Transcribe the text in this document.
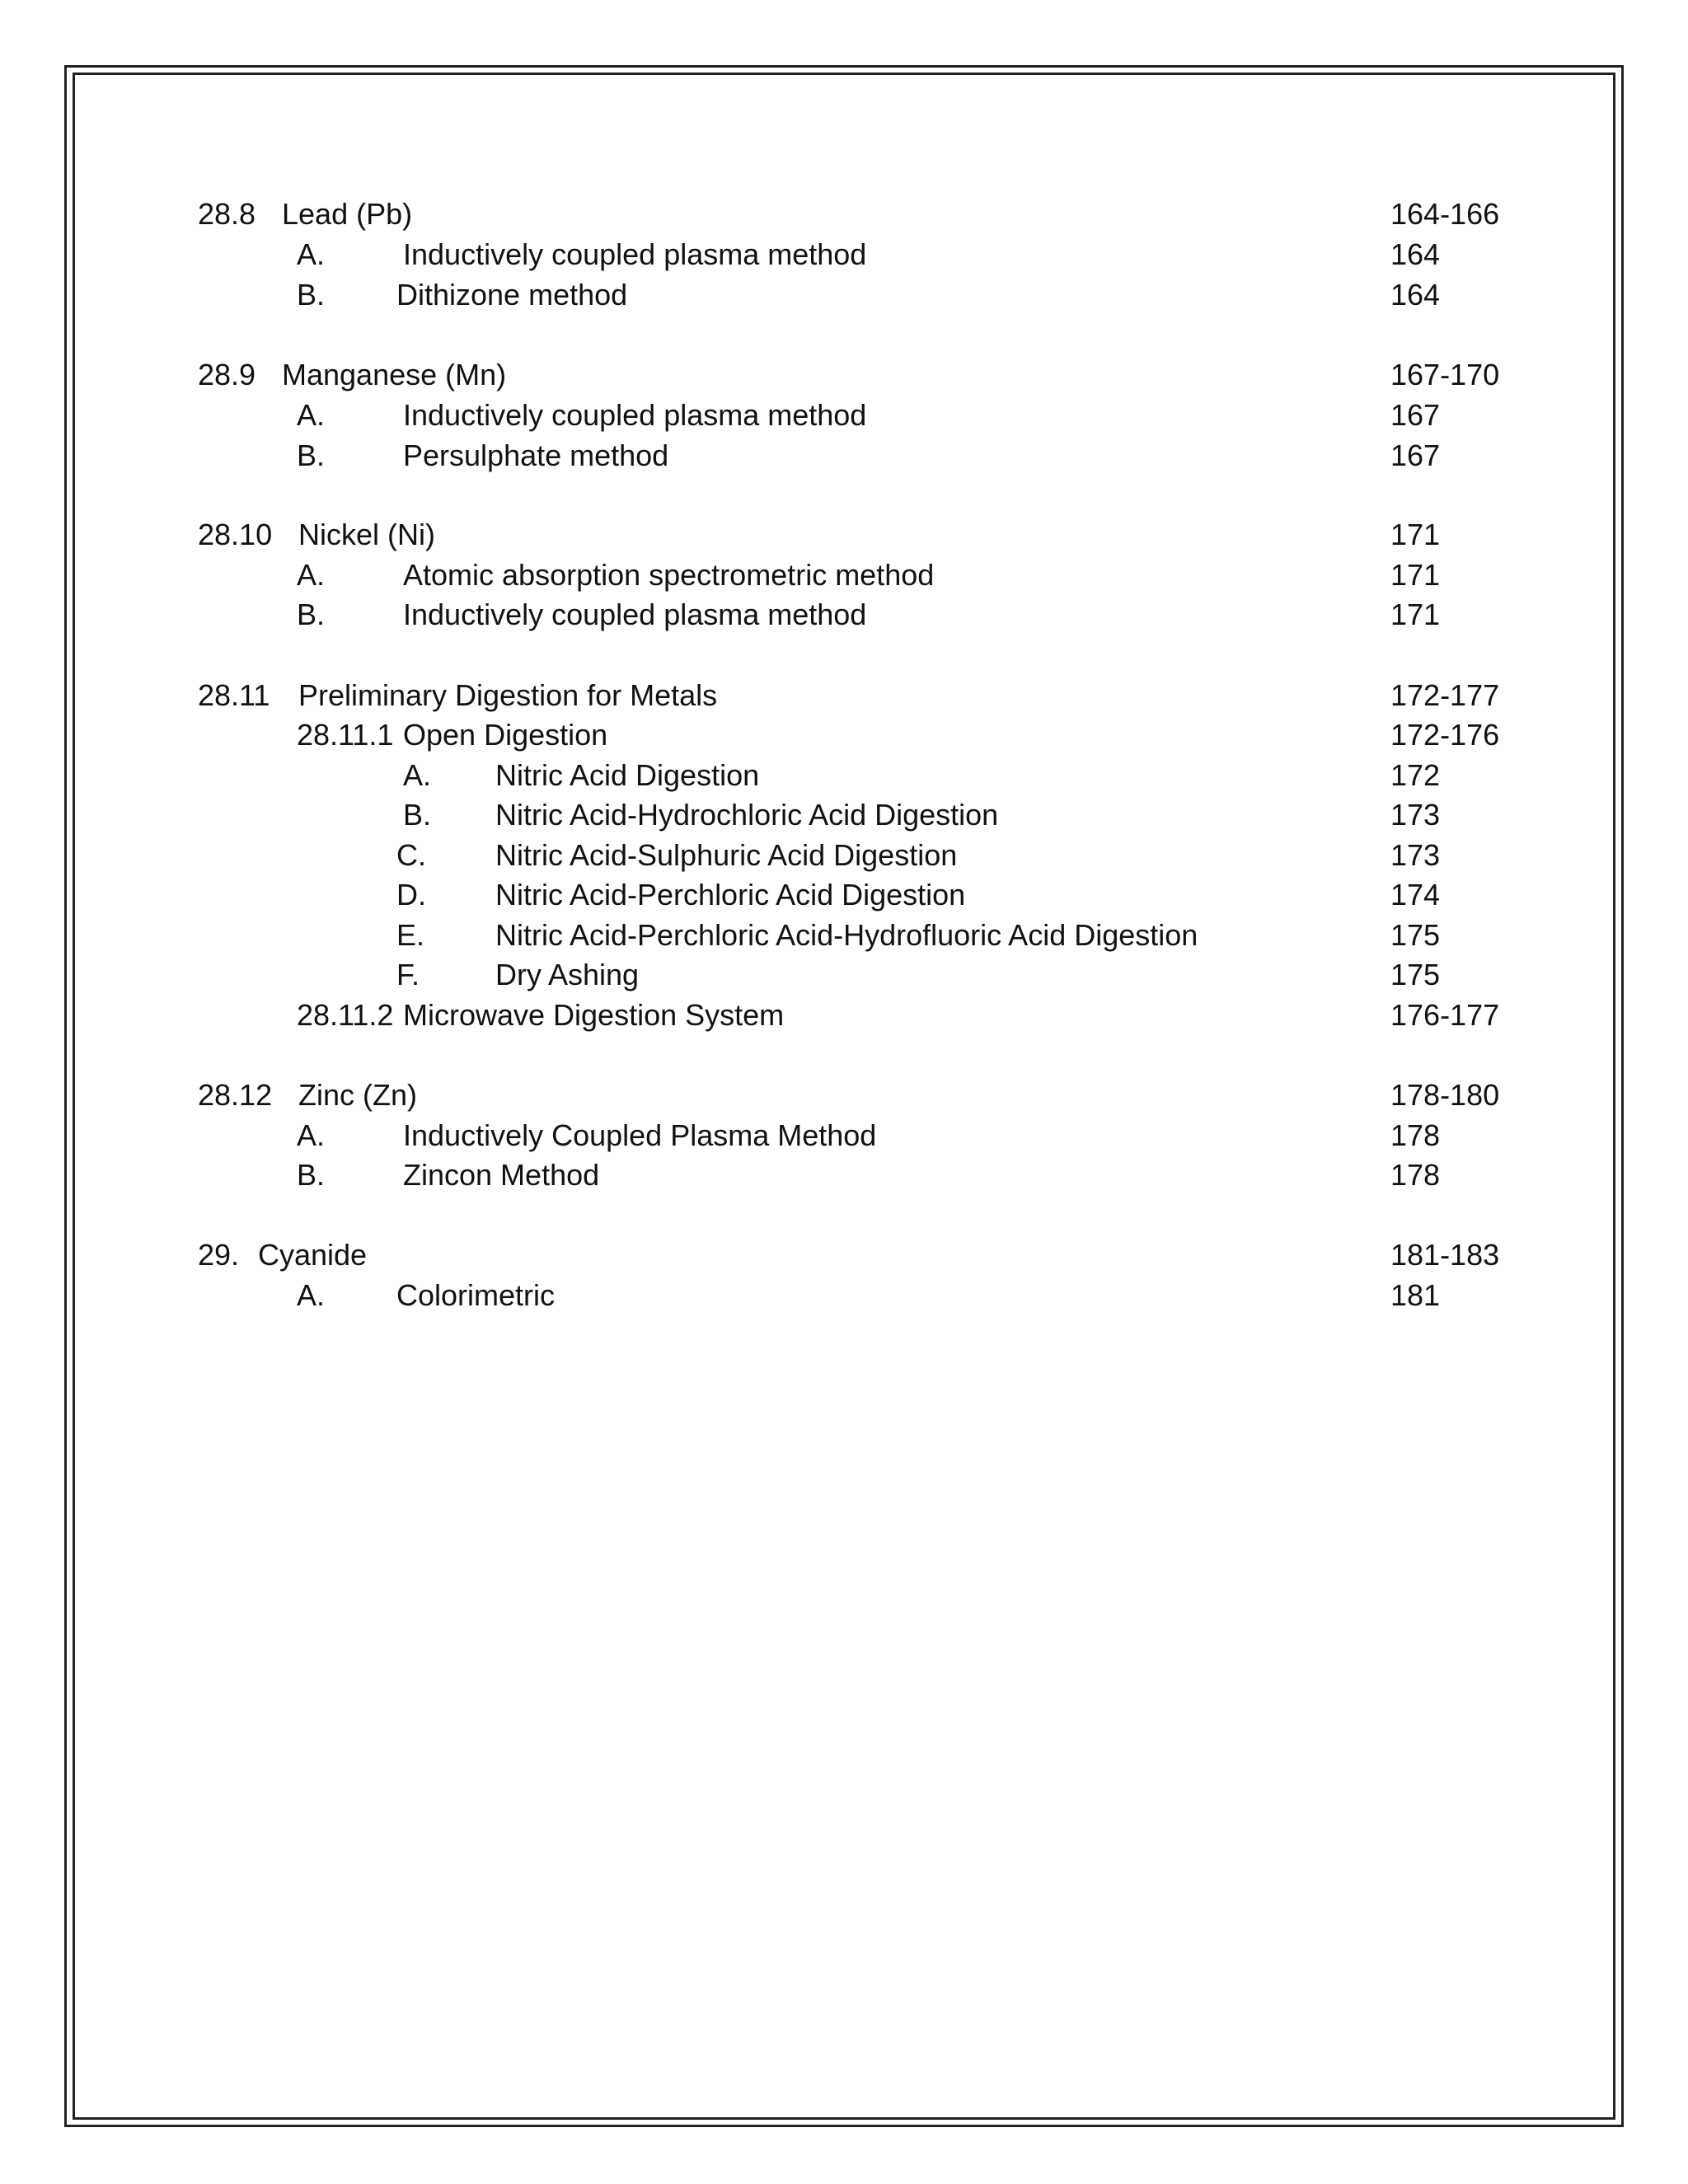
28.8 Lead (Pb)	164-166
A.	Inductively coupled plasma method	164
B. Dithizone method	164
28.9 Manganese (Mn)	167-170
A.	Inductively coupled plasma method	167
B.	Persulphate method	167
28.10 Nickel (Ni)	171
A.	Atomic absorption spectrometric method	171
B.	Inductively coupled plasma method	171
28.11 Preliminary Digestion for Metals	172-177
28.11.1 Open Digestion	172-176
A. Nitric Acid Digestion	172
B. Nitric Acid-Hydrochloric Acid Digestion	173
C. Nitric Acid-Sulphuric Acid Digestion	173
D. Nitric Acid-Perchloric Acid Digestion	174
E. Nitric Acid-Perchloric Acid-Hydrofluoric Acid Digestion	175
F.	Dry Ashing	175
28.11.2 Microwave Digestion System	176-177
28.12 Zinc (Zn)	178-180
A.	Inductively Coupled Plasma Method	178
B.	Zincon Method	178
29. Cyanide	181-183
A. Colorimetric	181
